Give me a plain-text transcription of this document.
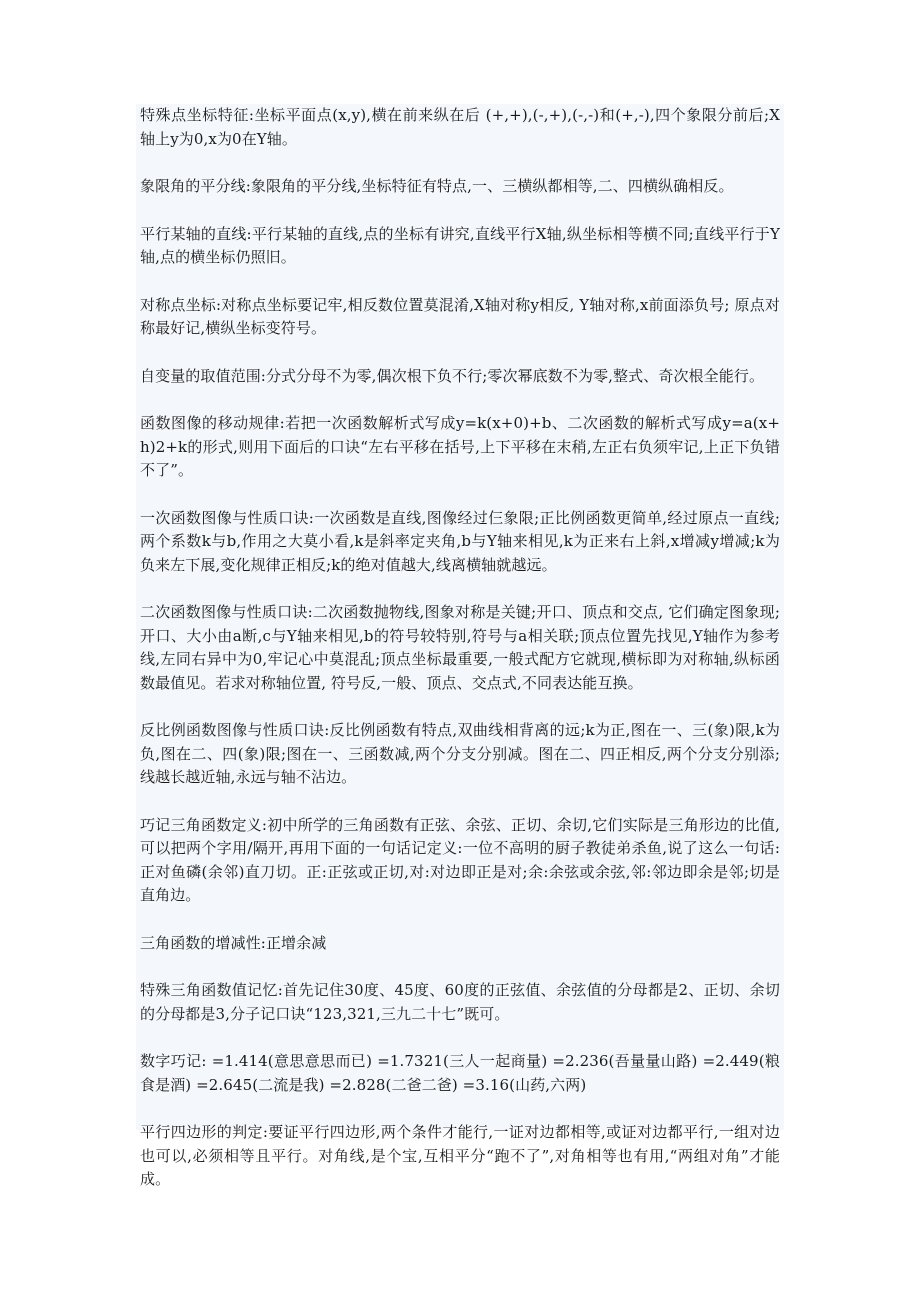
特殊点坐标特征:坐标平面点(x,y),横在前来纵在后 (+,+),(-,+),(-,-)和(+,-),四个象限分前后;X轴上y为0,x为0在Y轴。

象限角的平分线:象限角的平分线,坐标特征有特点,一、三横纵都相等,二、四横纵确相反。

平行某轴的直线:平行某轴的直线,点的坐标有讲究,直线平行X轴,纵坐标相等横不同;直线平行于Y轴,点的横坐标仍照旧。

对称点坐标:对称点坐标要记牢,相反数位置莫混淆,X轴对称y相反, Y轴对称,x前面添负号; 原点对称最好记,横纵坐标变符号。

自变量的取值范围:分式分母不为零,偶次根下负不行;零次幂底数不为零,整式、奇次根全能行。

函数图像的移动规律:若把一次函数解析式写成y=k(x+0)+b、二次函数的解析式写成y=a(x+h)2+k的形式,则用下面后的口诀“左右平移在括号,上下平移在末稍,左正右负须牢记,上正下负错不了”。

一次函数图像与性质口诀:一次函数是直线,图像经过仨象限;正比例函数更简单,经过原点一直线;两个系数k与b,作用之大莫小看,k是斜率定夹角,b与Y轴来相见,k为正来右上斜,x增减y增减;k为负来左下展,变化规律正相反;k的绝对值越大,线离横轴就越远。

二次函数图像与性质口诀:二次函数抛物线,图象对称是关键;开口、顶点和交点, 它们确定图象现;开口、大小由a断,c与Y轴来相见,b的符号较特别,符号与a相关联;顶点位置先找见,Y轴作为参考线,左同右异中为0,牢记心中莫混乱;顶点坐标最重要,一般式配方它就现,横标即为对称轴,纵标函数最值见。若求对称轴位置, 符号反,一般、顶点、交点式,不同表达能互换。

反比例函数图像与性质口诀:反比例函数有特点,双曲线相背离的远;k为正,图在一、三(象)限,k为负,图在二、四(象)限;图在一、三函数减,两个分支分别减。图在二、四正相反,两个分支分别添;线越长越近轴,永远与轴不沾边。

巧记三角函数定义:初中所学的三角函数有正弦、余弦、正切、余切,它们实际是三角形边的比值,可以把两个字用/隔开,再用下面的一句话记定义:一位不高明的厨子教徒弟杀鱼,说了这么一句话:正对鱼磷(余邻)直刀切。正:正弦或正切,对:对边即正是对;余:余弦或余弦,邻:邻边即余是邻;切是直角边。

三角函数的增减性:正增余减

特殊三角函数值记忆:首先记住30度、45度、60度的正弦值、余弦值的分母都是2、正切、余切的分母都是3,分子记口诀“123,321,三九二十七”既可。

数字巧记: =1.414(意思意思而已) =1.7321(三人一起商量) =2.236(吾量量山路) =2.449(粮食是酒) =2.645(二流是我) =2.828(二爸二爸) =3.16(山药,六两)

平行四边形的判定:要证平行四边形,两个条件才能行,一证对边都相等,或证对边都平行,一组对边也可以,必须相等且平行。对角线,是个宝,互相平分“跑不了”,对角相等也有用,“两组对角”才能成。
